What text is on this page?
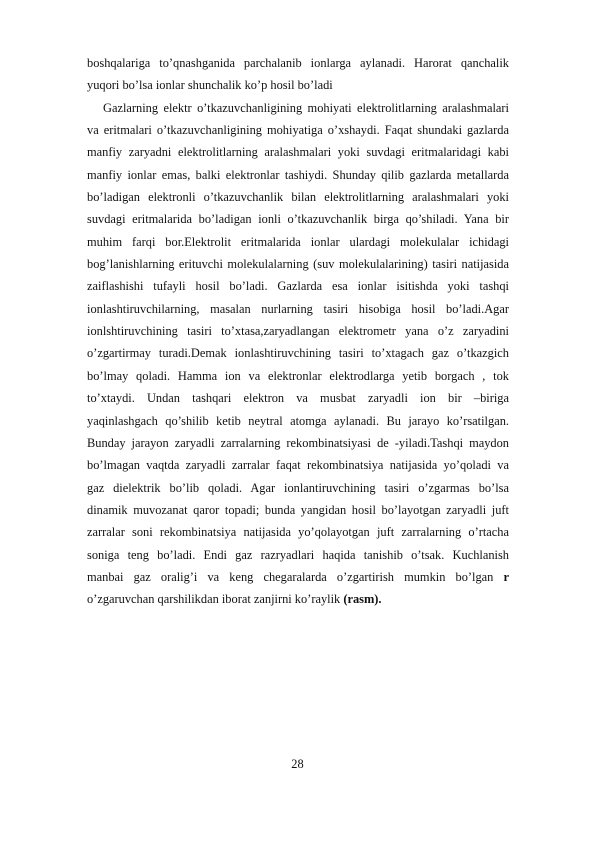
boshqalariga to’qnashganida parchalanib ionlarga aylanadi. Harorat qanchalik
yuqori bo’lsa ionlar shunchalik ko’p hosil bo’ladi
Gazlarning elektr o’tkazuvchanligining mohiyati elektrolitlarning aralashmalari
va eritmalari o’tkazuvchanligining mohiyatiga o’xshaydi. Faqat shundaki gazlarda
manfiy zaryadni elektrolitlarning aralashmalari yoki suvdagi eritmalaridagi kabi
manfiy ionlar emas, balki elektronlar tashiydi. Shunday qilib gazlarda metallarda
bo’ladigan elektronli o’tkazuvchanlik bilan elektrolitlarning aralashmalari yoki
suvdagi eritmalarida bo’ladigan ionli o’tkazuvchanlik birga qo’shiladi. Yana bir
muhim farqi bor.Elektrolit eritmalarida ionlar ulardagi molekulalar ichidagi
bog’lanishlarning erituvchi molekulalarning (suv molekulalarining) tasiri natijasida
zaiflashishi tufayli hosil bo’ladi. Gazlarda esa ionlar isitishda yoki tashqi
ionlashtiruvchilarning, masalan nurlarning tasiri hisobiga hosil bo’ladi.Agar
ionlshtiruvchining tasiri to’xtasa,zaryadlangan elektrometr yana o’z zaryadini
o’zgartirmay turadi.Demak ionlashtiruvchining tasiri to’xtagach gaz o’tkazgich
bo’lmay qoladi. Hamma ion va elektronlar elektrodlarga yetib borgach , tok
to’xtaydi. Undan tashqari elektron va musbat zaryadli ion bir –biriga
yaqinlashgach qo’shilib ketib neytral atomga aylanadi. Bu jarayo ko’rsatilgan.
Bunday jarayon zaryadli zarralarning rekombinatsiyasi de -yiladi.Tashqi maydon
bo’lmagan vaqtda zaryadli zarralar faqat rekombinatsiya natijasida yo’qoladi va
gaz dielektrik bo’lib qoladi. Agar ionlantiruvchining tasiri o’zgarmas bo’lsa
dinamik muvozanat qaror topadi; bunda yangidan hosil bo’layotgan zaryadli juft
zarralar soni rekombinatsiya natijasida yo’qolayotgan juft zarralarning o’rtacha
soniga teng bo’ladi. Endi gaz razryadlari haqida tanishib o’tsak. Kuchlanish
manbai gaz oralig’i va keng chegaralarda o’zgartirish mumkin bo’lgan r
o’zgaruvchan qarshilikdan iborat zanjirni ko’raylik (rasm).
28
